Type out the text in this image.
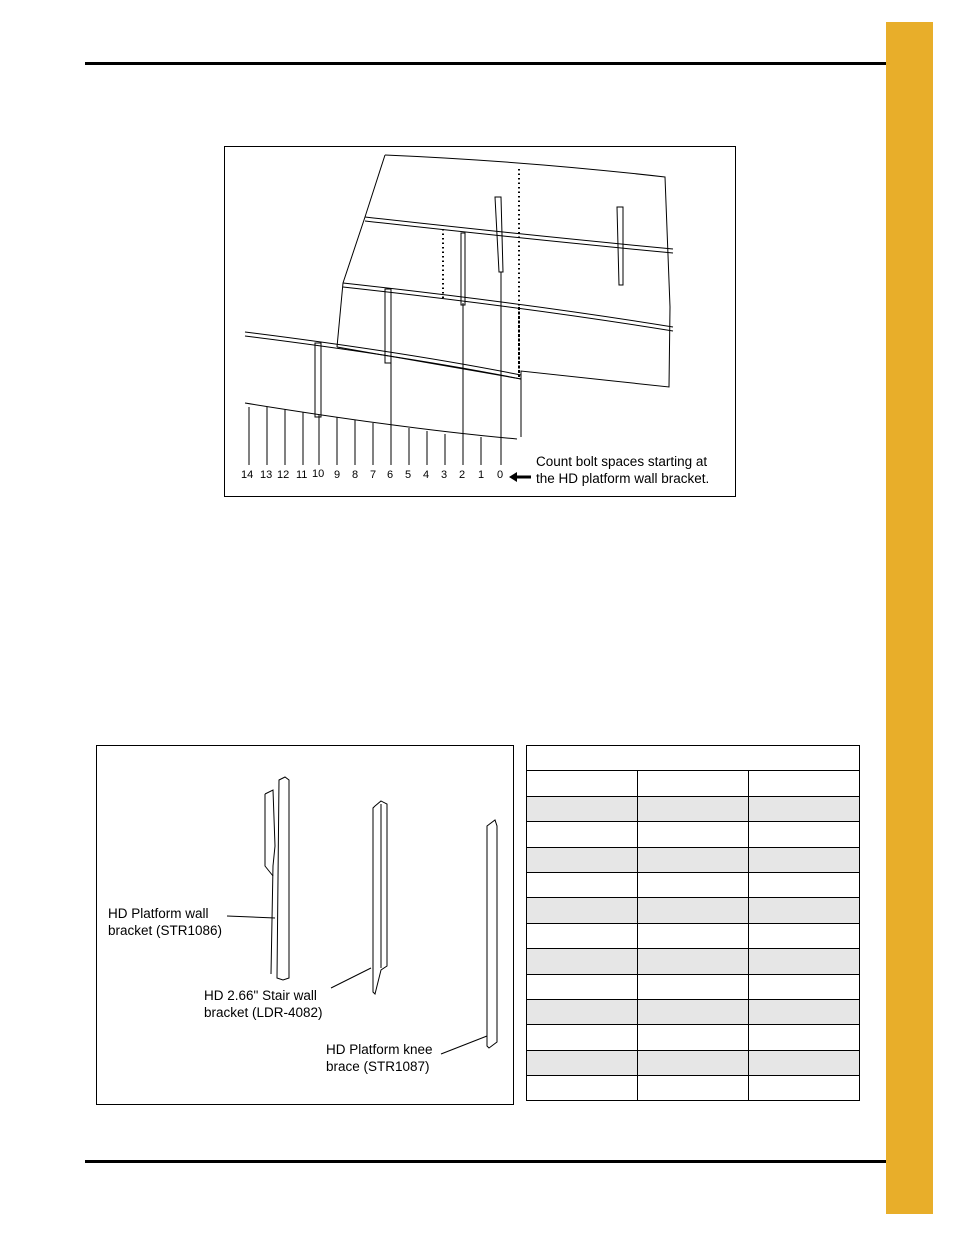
14 13 12 11 10 9 8 7 6 5 4 3 2 1 0
Count bolt spaces starting at
the HD platform wall bracket.
HD Platform wall
bracket (STR1086)
HD 2.66" Stair wall
bracket (LDR-4082)
HD Platform knee
brace (STR1087)
